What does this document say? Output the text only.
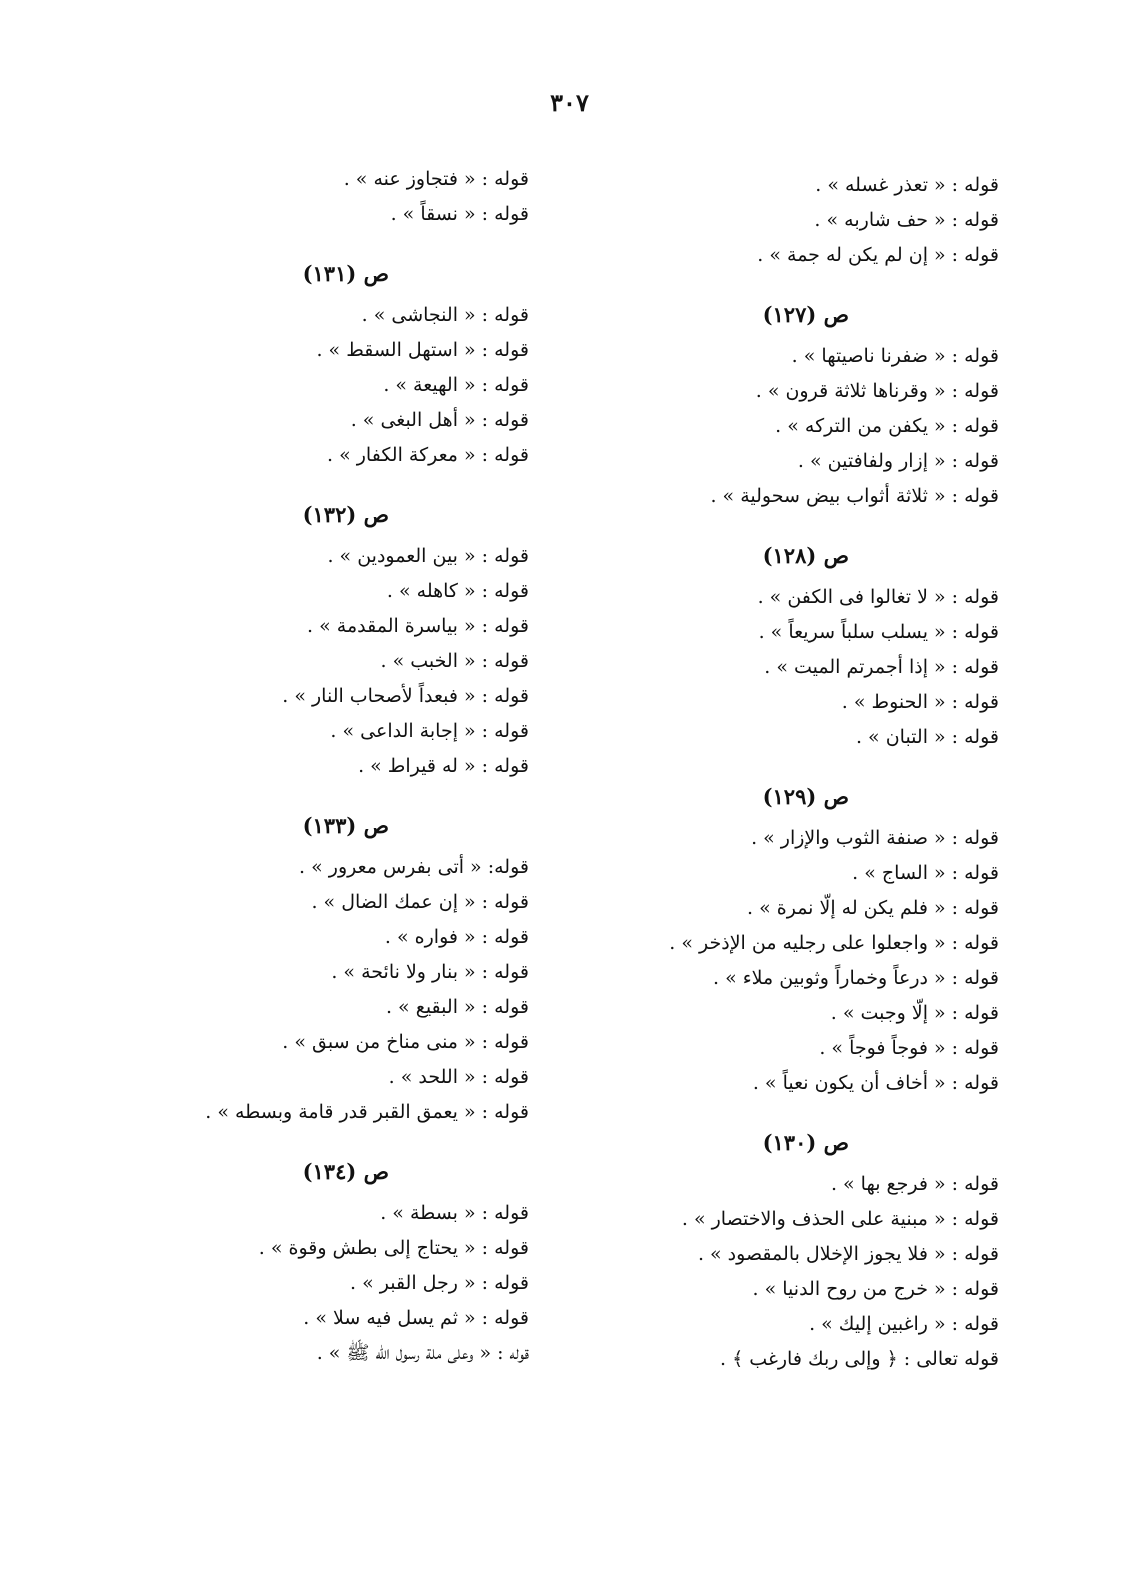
٣٠٧
قوله : « تعذر غسله » .
قوله : « حف شاربه » .
قوله : « إن لم يكن له جمة » .
ص (١٢٧)
قوله : « ضفرنا ناصيتها » .
قوله : « وقرناها ثلاثة قرون » .
قوله : « يكفن من التركه » .
قوله : « إزار ولفافتين » .
قوله : « ثلاثة أثواب بيض سحولية » .
ص (١٢٨)
قوله : « لا تغالوا فى الكفن » .
قوله : « يسلب سلباً سريعاً » .
قوله : « إذا أجمرتم الميت » .
قوله : « الحنوط » .
قوله : « التبان » .
ص (١٢٩)
قوله : « صنفة الثوب والإزار » .
قوله : « الساج » .
قوله : « فلم يكن له إلّا نمرة » .
قوله : « واجعلوا على رجليه من الإذخر » .
قوله : « درعاً وخماراً وثوبين ملاء » .
قوله : « إلّا وجبت » .
قوله : « فوجاً فوجاً » .
قوله : « أخاف أن يكون نعياً » .
ص (١٣٠)
قوله : « فرجع بها » .
قوله : « مبنية على الحذف والاختصار » .
قوله : « فلا يجوز الإخلال بالمقصود » .
قوله : « خرج من روح الدنيا » .
قوله : « راغبين إليك » .
قوله تعالى : ﴿ وإلى ربك فارغب ﴾ .
قوله : « فتجاوز عنه » .
قوله : « نسقاً » .
ص (١٣١)
قوله : « النجاشى » .
قوله : « استهل السقط » .
قوله : « الهيعة » .
قوله : « أهل البغى » .
قوله : « معركة الكفار » .
ص (١٣٢)
قوله : « بين العمودين » .
قوله : « كاهله » .
قوله : « بياسرة المقدمة » .
قوله : « الخبب » .
قوله : « فبعداً لأصحاب النار » .
قوله : « إجابة الداعى » .
قوله : « له قيراط » .
ص (١٣٣)
قوله: « أتى بفرس معرور » .
قوله : « إن عمك الضال » .
قوله : « فواره » .
قوله : « بنار ولا نائحة » .
قوله : « البقيع » .
قوله : « منى مناخ من سبق » .
قوله : « اللحد » .
قوله : « يعمق القبر قدر قامة وبسطه » .
ص (١٣٤)
قوله : « بسطة » .
قوله : « يحتاج إلى بطش وقوة » .
قوله : « رجل القبر » .
قوله : « ثم يسل فيه سلا » .
قوله : « وعلى ملة رسول الله ﷺ » .
